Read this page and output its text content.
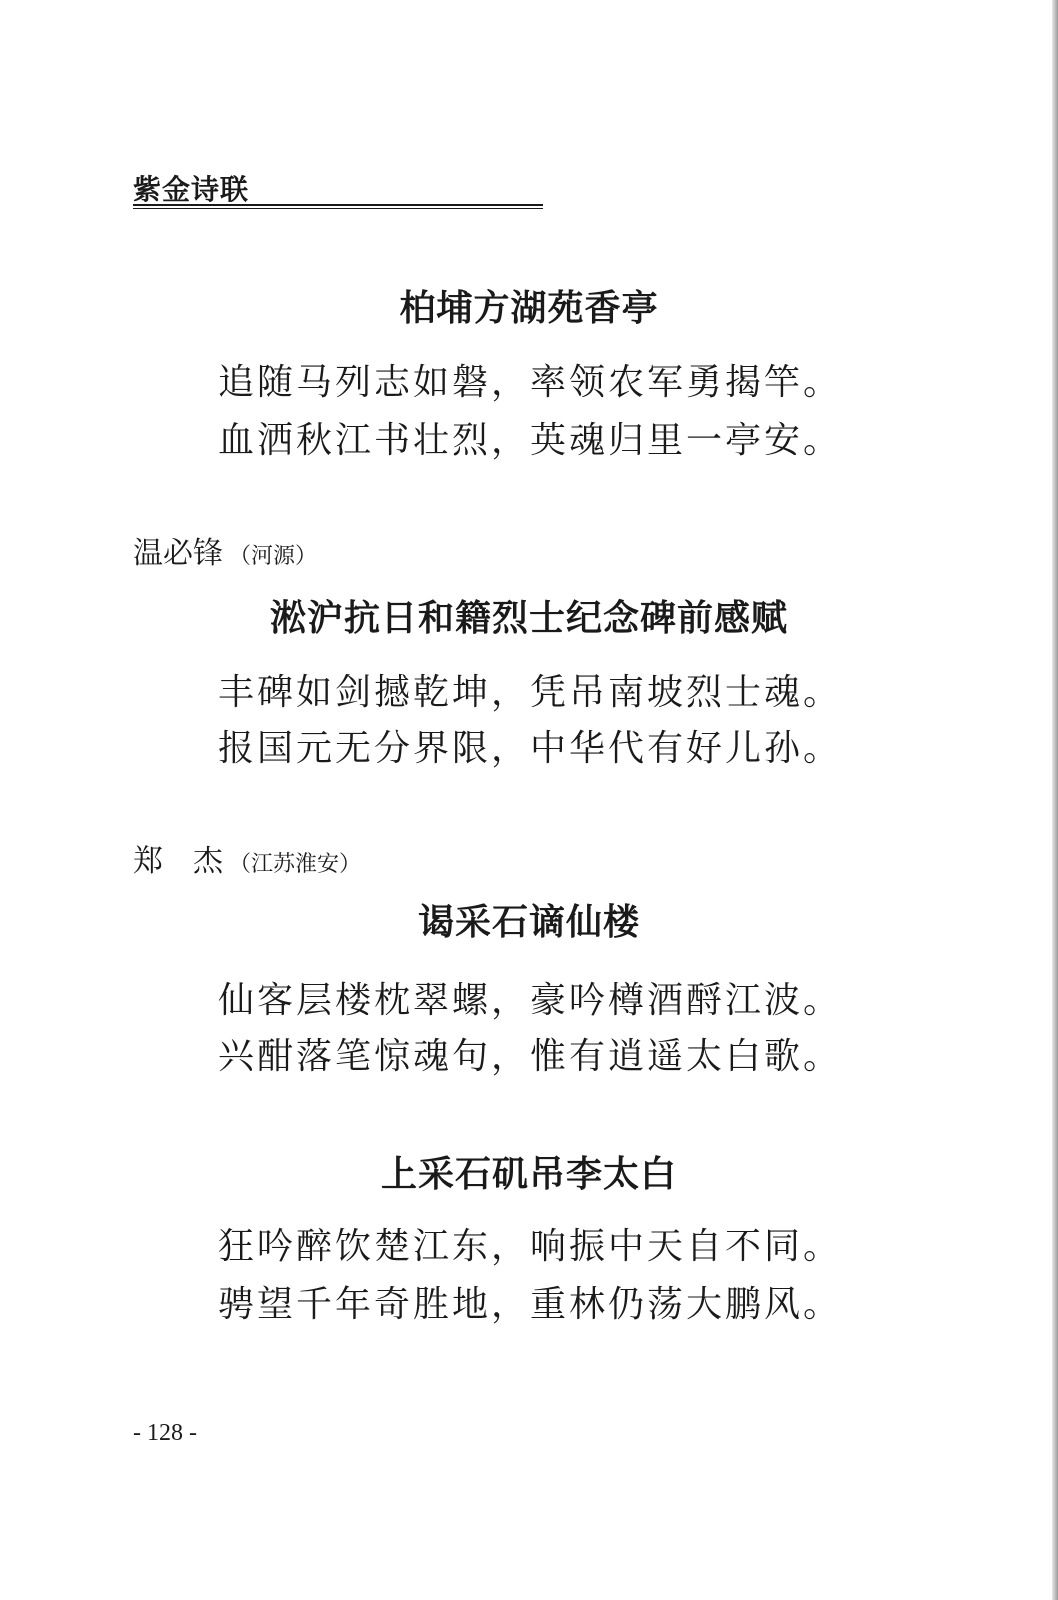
紫金诗联
柏埔方湖苑香亭
追随马列志如磐，率领农军勇揭竿。
血洒秋江书壮烈，英魂归里一亭安。
温必锋 （河源）
淞沪抗日和籍烈士纪念碑前感赋
丰碑如剑撼乾坤，凭吊南坡烈士魂。
报国元无分界限，中华代有好儿孙。
郑　杰 （江苏淮安）
谒采石谪仙楼
仙客层楼枕翠螺，豪吟樽酒酹江波。
兴酣落笔惊魂句，惟有逍遥太白歌。
上采石矶吊李太白
狂吟醉饮楚江东，响振中天自不同。
骋望千年奇胜地，重林仍荡大鹏风。
- 128 -
